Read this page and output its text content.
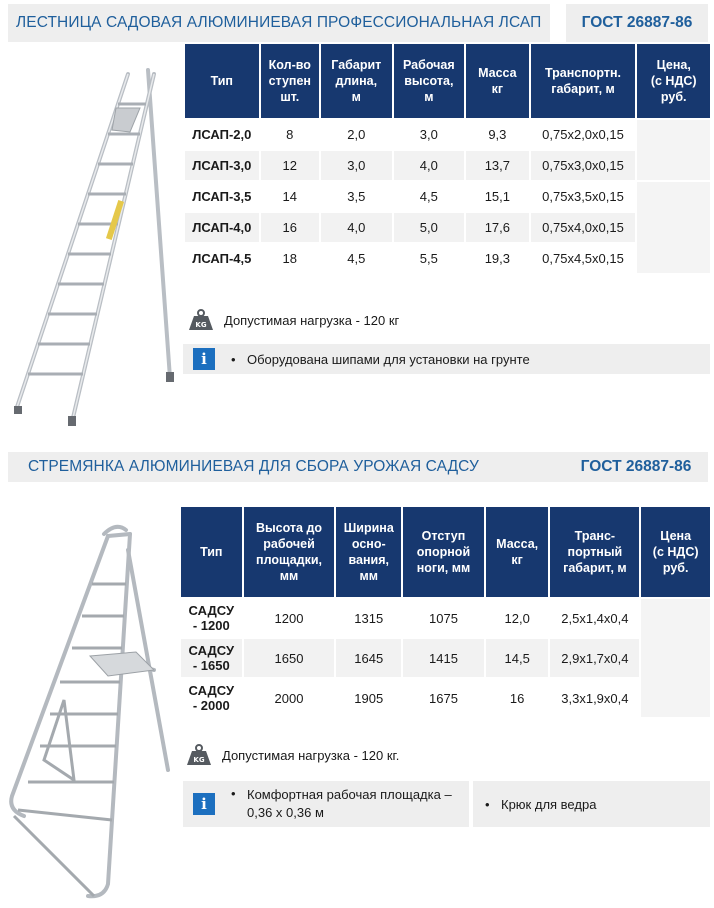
ЛЕСТНИЦА САДОВАЯ АЛЮМИНИЕВАЯ ПРОФЕССИОНАЛЬНАЯ ЛСАП	ГОСТ 26887-86
Тип	Кол-во
ступен
шт.	Габарит
длина,
м	Рабочая
высота,
м	Масса
кг	Транспортн.
габарит, м	Цена,
(с НДС)
руб.
ЛСАП-2,0	8	2,0	3,0	9,3	0,75х2,0х0,15	
ЛСАП-3,0	12	3,0	4,0	13,7	0,75х3,0х0,15	
ЛСАП-3,5	14	3,5	4,5	15,1	0,75х3,5х0,15	
ЛСАП-4,0	16	4,0	5,0	17,6	0,75х4,0х0,15	
ЛСАП-4,5	18	4,5	5,5	19,3	0,75х4,5х0,15	
KG Допустимая нагрузка - 120 кг
i	• Оборудована шипами для установки на грунте
СТРЕМЯНКА АЛЮМИНИЕВАЯ ДЛЯ СБОРА УРОЖАЯ САДСУ	ГОСТ 26887-86
Тип	Высота до
рабочей
площадки,
мм	Ширина
осно-
вания,
мм	Отступ
опорной
ноги, мм	Масса,
кг	Транс-
портный
габарит, м	Цена
(с НДС)
руб.
САДСУ
- 1200	1200	1315	1075	12,0	2,5х1,4х0,4	
САДСУ
- 1650	1650	1645	1415	14,5	2,9х1,7х0,4	
САДСУ
- 2000	2000	1905	1675	16	3,3х1,9х0,4	
KG Допустимая нагрузка - 120 кг.
i
• Комфортная рабочая площадка –
0,36 х 0,36 м
• Крюк для ведра
